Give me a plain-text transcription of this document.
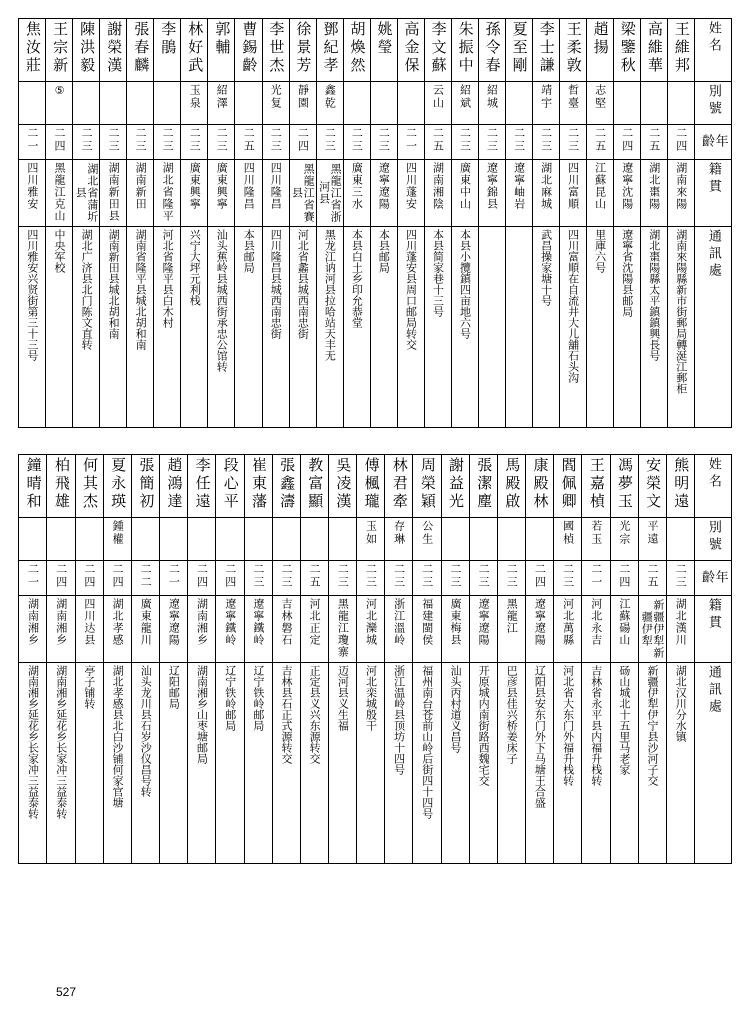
姓名	王維邦	高維華	梁鑒秋	趙揚	王柔敦	李士謙	夏至剛	孫令春	朱振中	李文蘇	高金保	姚瑩	胡煥然	鄧紀孝	徐景芳	李世杰	曹錫齡	郭輔	林好武	李鵑	張春麟	謝榮漢	陳洪毅	王宗新	焦汝莊

別號				志堅	哲臺	靖宇		紹城	紹斌	云山				鑫乾	靜園	光复		紹澤	玉泉					⑤	

年齡	二四	二五	二四	二五	二三	二三	二三	二三	二三	二五	二一	二三	二三	二三	二四	二三	二五	二三	二三	二三	二三	二三	二三	二四	二一

籍貫	湖南來陽	湖北棗陽	遼寧沈陽	江蘇昆山	四川富順	湖北麻城	遼寧岫岩	遼寧錦县	廣東中山	湖南湘陰	四川蓬安	遼寧遼陽	廣東三水	黑龍江省浙河县	黑龍江省賽县	四川隆昌	四川隆昌	廣東興寧	廣東興寧	湖北省隆平	湖南新田	湖南新田县	湖北省蒲圻县	黑龍江克山	四川雅安

通訊處	湖南來陽縣新市街郵局轉涎江郵柜	湖北棗陽縣太平鎮鎮興長号	遼寧省沈陽县邮局	里庫六号	四川富順在自流井大儿舖石头沟	武昌操家塘十号			本县小攬鎮四亩地六号	本县简家巷十三号	四川蓬安县周口邮局转交	本县邮局	本县白土乡印允恭堂	黑龙江讷河县拉哈站天丰无	河北省蠡县城西南忠街	四川隆昌县城西南忠街	本县邮局	汕头蕉岭县城西街承忠公馆转	兴宁大坪元利栈	河北省隆平县白木村	湖南省隆平县城北胡和南	湖南新田县城北胡和南	湖北广济县北门陈文直转	中央军校	四川雅安兴贤街第三十三号
姓名	熊明遠	安榮文	馮夢玉	王嘉楨	閻佩卿	康殿林	馬殿啟	張潔塵	謝益光	周榮穎	林君牽	傅楓瓏	吳凌漢	教富顯	張鑫濤	崔東藩	段心平	李任遠	趙鴻達	張簡初	夏永瑛	何其杰	柏飛雄	鐘晴和

別號		平遠	光宗	若玉	國楨					公生	存琳	玉如									鍾權			

年齡	二三	二五	二四	二一	二三	二四	二三	二三	二三	二三	二三	二三	二三	二五	二三	二三	二四	二四	二一	二二	二四	二四	二四	二一

籍貫	湖北漢川	新疆伊犁新疆伊犁	江蘇碭山	河北永吉	河北萬縣	遼寧遼陽	黑龍江	遼寧遼陽	廣東梅县	福建閩侯	浙江溫岭	河北灤城	黑龍江瓊寨	河北正定	吉林磐石	遼寧鐵岭	遼寧鐵岭	湖南湘乡	遼寧遼陽	廣東龍川	湖北孝感	四川达县	湖南湘乡	湖南湘乡

通訊處	湖北汉川分水镇	新疆伊犁伊宁县沙河子交	砀山城北十五里马老家	吉林省永平县内福升栈转	河北省大东门外福升栈转	辽阳县安东门外下马塘王合盛	巴彦县佳兴桥姜床子	开原城内南街路西魏宅交	汕头丙村道义昌号	福州南台苍前山岭后街四十四号	浙江温岭县顶坊十四号	河北栾城殷干	迈河县义生福	正定县义兴东源转交	吉林县石正式源转交	辽宁铁岭邮局	辽宁铁岭邮局	湖南湘乡山枣塘邮局	辽阳邮局	汕头龙川县石岁沙仪昌号转	湖北孝感县北白沙铺何家官塘	亭子铺转	湖南湘乡延花乡长家冲三益泰转	湖南湘乡延花乡长家冲三益泰转
527
